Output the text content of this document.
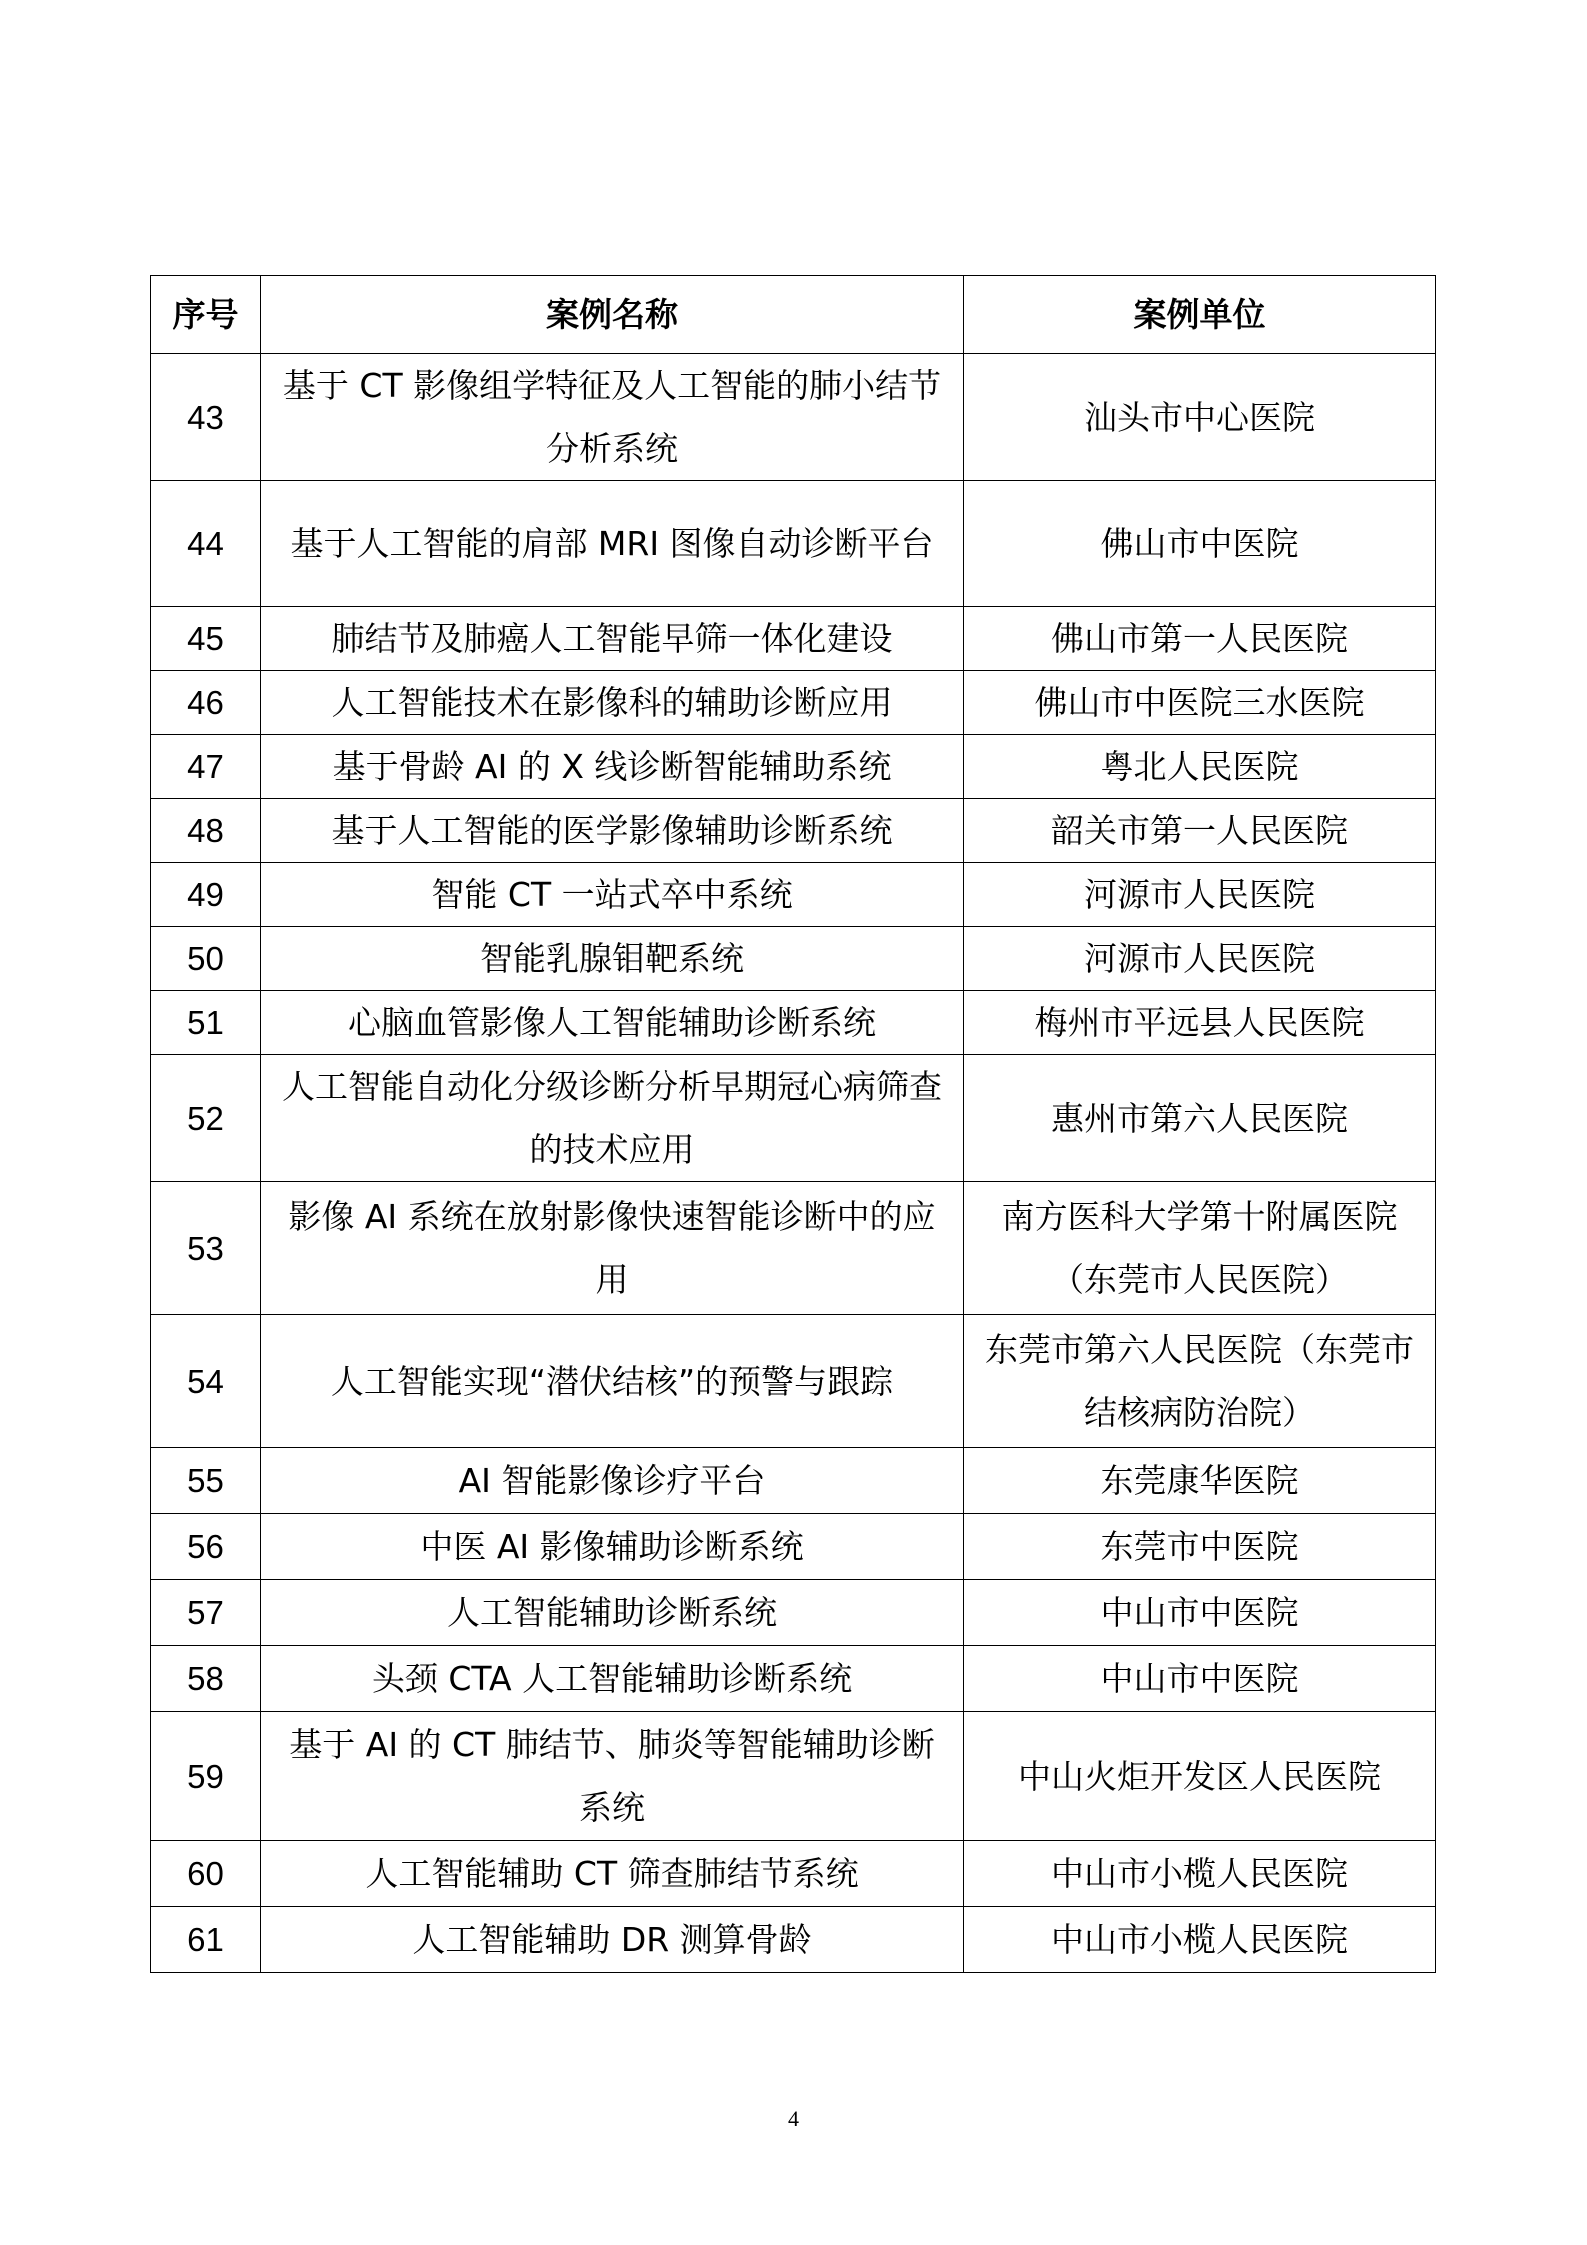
序号	案例名称	案例单位
43	基于 CT 影像组学特征及人工智能的肺小结节分析系统	汕头市中心医院
44	基于人工智能的肩部 MRI 图像自动诊断平台	佛山市中医院
45	肺结节及肺癌人工智能早筛一体化建设	佛山市第一人民医院
46	人工智能技术在影像科的辅助诊断应用	佛山市中医院三水医院
47	基于骨龄 AI 的 X 线诊断智能辅助系统	粤北人民医院
48	基于人工智能的医学影像辅助诊断系统	韶关市第一人民医院
49	智能 CT 一站式卒中系统	河源市人民医院
50	智能乳腺钼靶系统	河源市人民医院
51	心脑血管影像人工智能辅助诊断系统	梅州市平远县人民医院
52	人工智能自动化分级诊断分析早期冠心病筛查的技术应用	惠州市第六人民医院
53	影像 AI 系统在放射影像快速智能诊断中的应用	南方医科大学第十附属医院（东莞市人民医院）
54	人工智能实现“潜伏结核”的预警与跟踪	东莞市第六人民医院（东莞市结核病防治院）
55	AI 智能影像诊疗平台	东莞康华医院
56	中医 AI 影像辅助诊断系统	东莞市中医院
57	人工智能辅助诊断系统	中山市中医院
58	头颈 CTA 人工智能辅助诊断系统	中山市中医院
59	基于 AI 的 CT 肺结节、肺炎等智能辅助诊断系统	中山火炬开发区人民医院
60	人工智能辅助 CT 筛查肺结节系统	中山市小榄人民医院
61	人工智能辅助 DR 测算骨龄	中山市小榄人民医院
4
